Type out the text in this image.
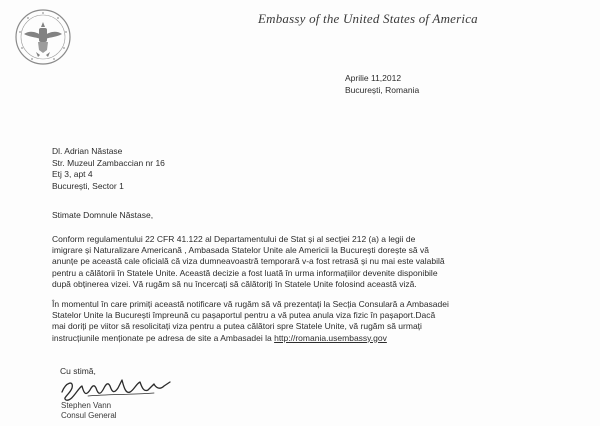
Embassy of the United States of America
Aprilie 11,2012
București, Romania
Dl. Adrian Năstase
Str. Muzeul Zambaccian nr 16
Etj 3, apt 4
București, Sector 1
Stimate Domnule Năstase,
Conform regulamentului 22 CFR 41.122 al Departamentului de Stat și al secției 212 (a) a legii de
imigrare și Naturalizare Americană , Ambasada Statelor Unite ale Americii la București dorește să vă
anunțe pe această cale oficială că viza dumneavoastră temporară v-a fost retrasă și nu mai este valabilă
pentru a călătorii în Statele Unite. Această decizie a fost luată în urma informațiilor devenite disponibile
după obținerea vizei. Vă rugăm să nu încercați să călătoriți în Statele Unite folosind această viză.
În momentul în care primiți această notificare vă rugăm să vă prezentați la Secția Consulară a Ambasadei
Statelor Unite la București împreună cu pașaportul pentru a vă putea anula viza fizic în pașaport.Dacă
mai doriți pe viitor să resolicitați viza pentru a putea călători spre Statele Unite, vă rugăm să urmați
instrucțiunile menționate pe adresa de site a Ambasadei la http://romania.usembassy.gov
Cu stimă,
Stephen Vann
Consul General
